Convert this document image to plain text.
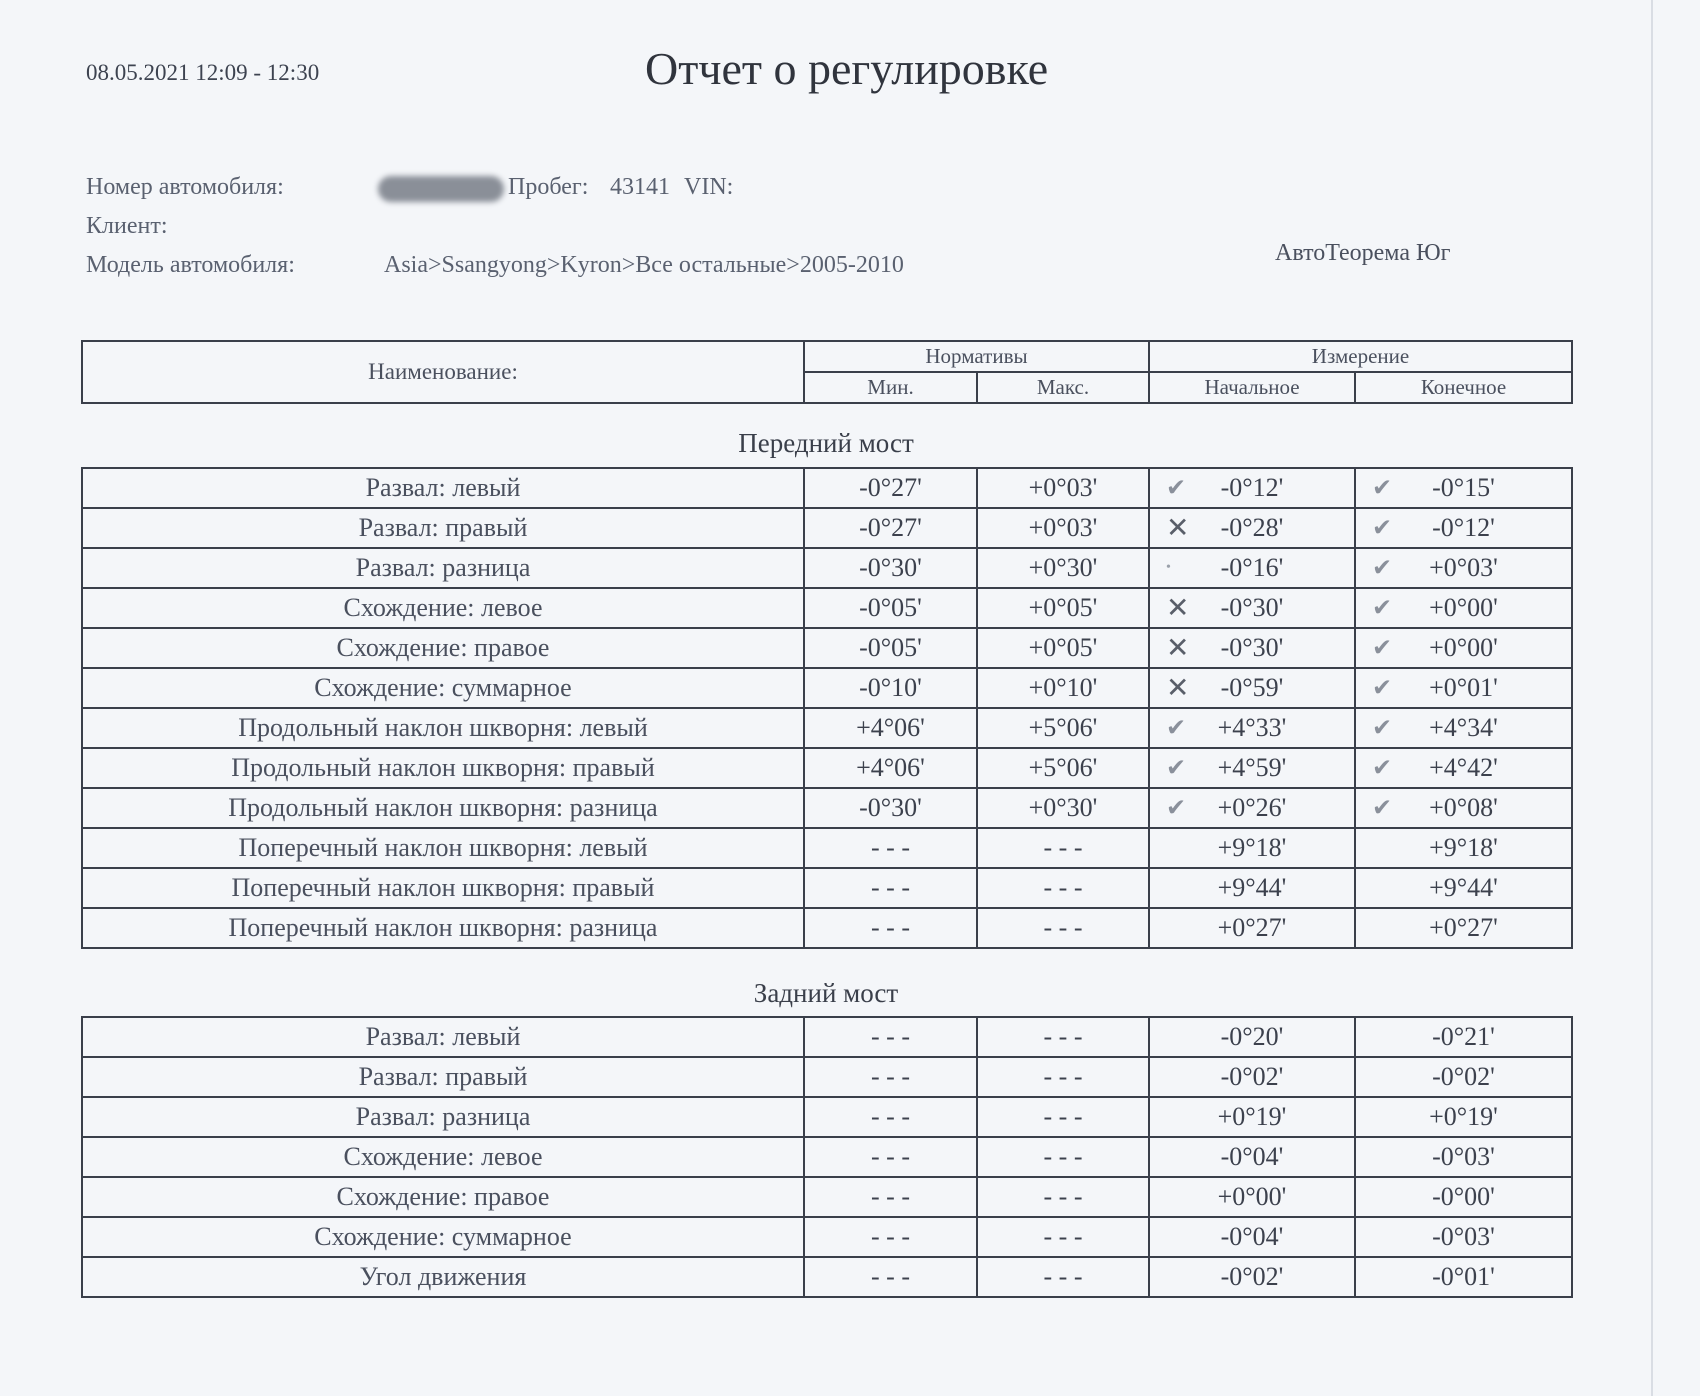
08.05.2021 12:09 - 12:30	Отчет о регулировке
Номер автомобиля:	Пробег: 43141 VIN:
Клиент:
Модель автомобиля:	Asia>Ssangyong>Kyron>Все остальные>2005-2010	АвтоТеорема Юг
Наименование:	Нормативы		Измерение	
	Мин.	Макс.	Начальное	Конечное
Передний мост
Развал: левый	-0°27'	+0°03'	✔ -0°12'	✔ -0°15'

Развал: правый	-0°27'	+0°03'	✕ -0°28'	✔ -0°12'

Развал: разница	-0°30'	+0°30'	• -0°16'	✔ +0°03'

Схождение: левое	-0°05'	+0°05'	✕ -0°30'	✔ +0°00'

Схождение: правое	-0°05'	+0°05'	✕ -0°30'	✔ +0°00'

Схождение: суммарное	-0°10'	+0°10'	✕ -0°59'	✔ +0°01'

Продольный наклон шкворня: левый	+4°06'	+5°06'	✔ +4°33'	✔ +4°34'

Продольный наклон шкворня: правый	+4°06'	+5°06'	✔ +4°59'	✔ +4°42'

Продольный наклон шкворня: разница	-0°30'	+0°30'	✔ +0°26'	✔ +0°08'

Поперечный наклон шкворня: левый	- - -	- - -	+9°18'	+9°18'

Поперечный наклон шкворня: правый	- - -	- - -	+9°44'	+9°44'

Поперечный наклон шкворня: разница	- - -	- - -	+0°27'	+0°27'
Задний мост
Развал: левый	- - -	- - -	-0°20'	-0°21'

Развал: правый	- - -	- - -	-0°02'	-0°02'

Развал: разница	- - -	- - -	+0°19'	+0°19'

Схождение: левое	- - -	- - -	-0°04'	-0°03'

Схождение: правое	- - -	- - -	+0°00'	-0°00'

Схождение: суммарное	- - -	- - -	-0°04'	-0°03'

Угол движения	- - -	- - -	-0°02'	-0°01'
